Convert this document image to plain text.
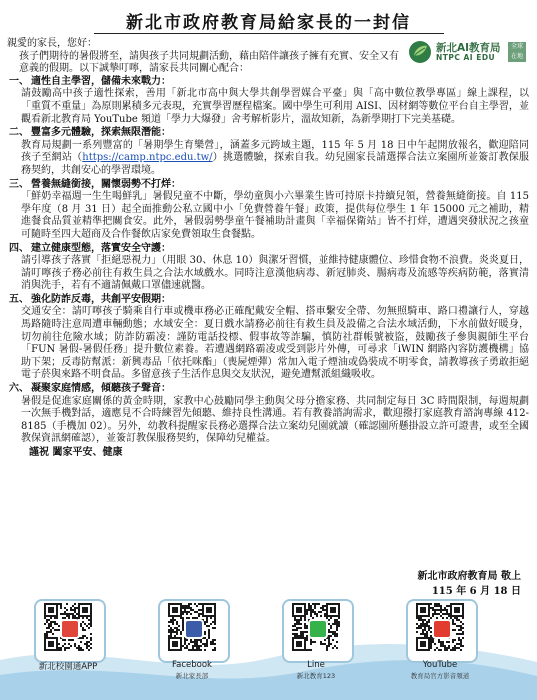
新北市政府教育局給家長的一封信
新北AI教育局
NTPC AI EDU
全球 在地
親愛的家長，您好：
孩子們期待的暑假將至，請與孩子共同規劃活動，藉由陪伴讓孩子擁有充實、安全又有意義的假期。以下誠摯叮嚀，請家長共同關心配合：

一、 適性自主學習，儲備未來戰力：

請鼓勵高中孩子適性探索，善用「新北市高中與大學共創學習媒合平臺」與「高中數位教學專區」線上課程，以「重質不重量」為原則累積多元表現，充實學習歷程檔案。國中學生可利用 AISI、因材網等數位平台自主學習，並觀看新北教育局 YouTube 頻道「學力大爆發」舍考解析影片，溫故知新，為新學期打下完美基礎。

二、 豐富多元體驗，探索無限潛能：

教育局規劃一系列豐富的「暑期學生育樂營」，涵蓋多元跨域主題，115 年 5 月 18 日中午起開放報名，歡迎陪同孩子至網站（https://camp.ntpc.edu.tw/）挑選體驗，探索自我。幼兒園家長請選擇合法立案園所並簽訂教保服務契約，共創安心的學習環境。

三、 營養無縫銜接，關懷弱勢不打烊：

「鮮奶幸福週一生生喝鮮乳」暑假兒童不中斷，學幼童與小六畢業生皆可持原卡持續兒領，營養無縫銜接。自 115 學年度（8 月 31 日）起全面推動公私立國中小「免費營養午餐」政策，提供每位學生 1 年 15000 元之補助，精進餐食品質並精準把關食安。此外，暑假弱勢學童午餐補助計畫與「幸福保衛站」皆不打烊，遭遇突發狀況之孩童可隨時至四大超商及合作餐飲店家免費領取生食餐點。

四、 建立健康型態，落實安全守護：

請引導孩子落實「拒絕惡視力」（用眼 30、休息 10）與潔牙習慣，並維持健康體位、珍惜食物不浪費。炎炎夏日，請叮嚀孩子務必前往有救生員之合法水域戲水。同時注意漢他病毒、新冠肺炎、腸病毒及流感等疾病防範，落實清消與洗手，若有不適請佩戴口罩儘速就醫。

五、 強化防詐反毒，共創平安假期：

交通安全：請叮嚀孩子騎乘自行車或機車務必正確配戴安全帽、搭車繫安全帶、勿無照騎車、路口禮讓行人，穿越馬路隨時注意周遭車輛動態；水域安全：夏日戲水請務必前往有救生員及設備之合法水域活動，下水前做好暖身，切勿前往危險水域；防詐防霸凌：謹防電話投標、假事故等詐騙，慎防社群帳號被盜，鼓勵孩子參與親師生平台「FUN 暑假-暑假任務」提升數位素養。若遭遇網路霸凌或受到影片外傳，可尋求「iWIN 網路內容防護機構」協助下架；反毒防幫派：新興毒品「依托咪酯」（喪屍煙彈）常加入電子煙油或偽裝成不明零食，請教導孩子勇敢拒絕電子菸與來路不明食品。多留意孩子生活作息與交友狀況，避免遭幫派組織吸收。

六、 凝聚家庭情感，傾聽孩子聲音：

暑假是促進家庭關係的黃金時期，家教中心鼓勵同學主動與父母分擔家務、共同制定每日 3C 時間限制，每週規劃一次無手機對話，適應見不合時練習先傾聽、維持良性溝通。若有教養諮詢需求，歡迎撥打家庭教育諮詢專線 412-8185（手機加 02）。另外，幼教科提醒家長務必選擇合法立案幼兒園就讀（確認園所懸掛設立許可證書，或至全國教保資訊網確認），並簽訂教保服務契約，保障幼兒權益。

謹祝 闔家平安、健康

新北市政府教育局 敬上
115 年 6 月 18 日
新北校園通APP	Facebook
新北家長部
Line
新北教育123
YouTube
教育局官方影音頻道
